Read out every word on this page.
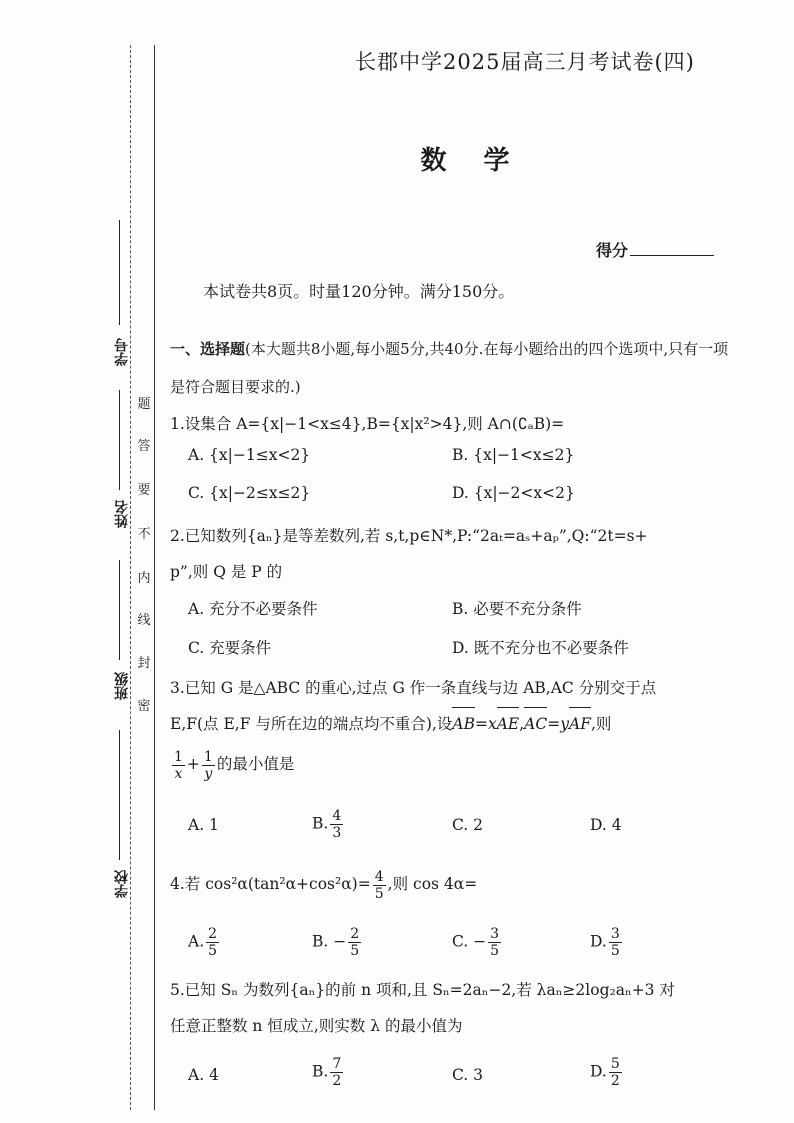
学号
姓名
班级
学校
题
答
要
不
内
线
封
密
长郡中学2025届高三月考试卷(四)
数 学
得分
本试卷共8页。时量120分钟。满分150分。
一、选择题(本大题共8小题,每小题5分,共40分.在每小题给出的四个选项中,只有一项是符合题目要求的.)
1.设集合 A={x|−1<x≤4},B={x|x²>4},则 A∩(∁ₐB)=
A. {x|−1≤x<2}	B. {x|−1<x≤2}
C. {x|−2≤x≤2}	D. {x|−2<x<2}
2.已知数列{aₙ}是等差数列,若 s,t,p∈N*,P:“2aₜ=aₛ+aₚ”,Q:“2t=s+
p”,则 Q 是 P 的
A. 充分不必要条件	B. 必要不充分条件
C. 充要条件	D. 既不充分也不必要条件
3.已知 G 是△ABC 的重心,过点 G 作一条直线与边 AB,AC 分别交于点
E,F(点 E,F 与所在边的端点均不重合),设AB=xAE,AC=yAF,则
$\frac{1}{x} + \frac{1}{y}$ 的最小值是
A. 1	B. $\frac{4}{3}$	C. 2	D. 4
4.若 $\cos^2\alpha(\tan^2\alpha+\cos^2\alpha)= \frac{4}{5}$ ,则 cos 4α=
A. $\frac{2}{5}$	B. − $\frac{2}{5}$	C. − $\frac{3}{5}$	D. $\frac{3}{5}$
5.已知 Sₙ 为数列{aₙ}的前 n 项和,且 Sₙ=2aₙ−2,若 λaₙ≥2log₂aₙ+3 对
任意正整数 n 恒成立,则实数 λ 的最小值为
A. 4	B. $\frac{7}{2}$	C. 3	D. $\frac{5}{2}$
